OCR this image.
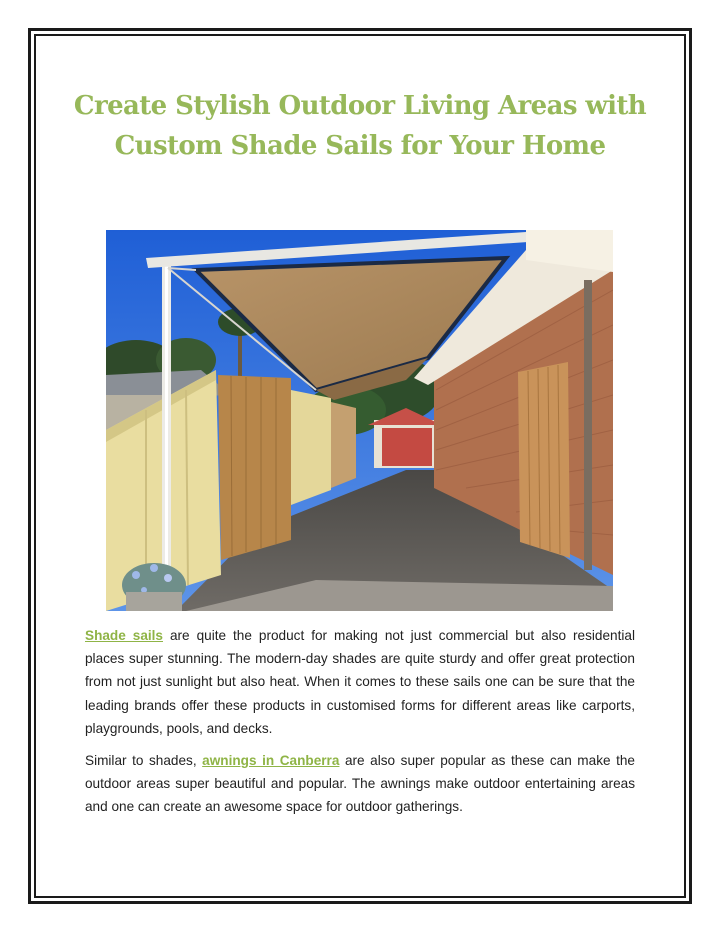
Create Stylish Outdoor Living Areas with Custom Shade Sails for Your Home

Shade sails are quite the product for making not just commercial but also residential places super stunning. The modern-day shades are quite sturdy and offer great protection from not just sunlight but also heat. When it comes to these sails one can be sure that the leading brands offer these products in customised forms for different areas like carports, playgrounds, pools, and decks.

Similar to shades, awnings in Canberra are also super popular as these can make the outdoor areas super beautiful and popular. The awnings make outdoor entertaining areas and one can create an awesome space for outdoor gatherings.
